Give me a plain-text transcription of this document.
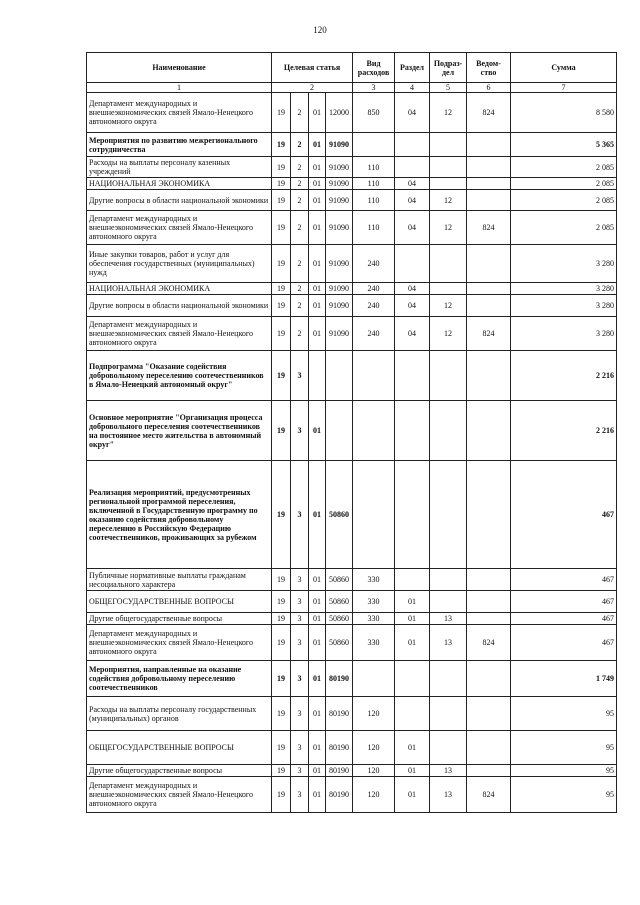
120
Наименование	Целевая статья				Вид расходов	Раздел	Подраз-дел	Ведом-ство	Сумма
1	2				3	4	5	6	7
Департамент международных и внешнеэкономических связей Ямало-Ненецкого автономного округа	19	2	01	12000	850	04	12	824	8 580
Мероприятия по развитию межрегионального сотрудничества	19	2	01	91090					5 365
Расходы на выплаты персоналу казенных учреждений	19	2	01	91090	110				2 085
НАЦИОНАЛЬНАЯ ЭКОНОМИКА	19	2	01	91090	110	04			2 085
Другие вопросы в области национальной экономики	19	2	01	91090	110	04	12		2 085
Департамент международных и внешнеэкономических связей Ямало-Ненецкого автономного округа	19	2	01	91090	110	04	12	824	2 085
Иные закупки товаров, работ и услуг для обеспечения государственных (муниципальных) нужд	19	2	01	91090	240				3 280
НАЦИОНАЛЬНАЯ ЭКОНОМИКА	19	2	01	91090	240	04			3 280
Другие вопросы в области национальной экономики	19	2	01	91090	240	04	12		3 280
Департамент международных и внешнеэкономических связей Ямало-Ненецкого автономного округа	19	2	01	91090	240	04	12	824	3 280
Подпрограмма "Оказание содействия добровольному переселению соотечественников в Ямало-Ненецкий автономный округ"	19	3							2 216
Основное мероприятие "Организация процесса добровольного переселения соотечественников на постоянное место жительства в автономный округ"	19	3	01						2 216
Реализация мероприятий, предусмотренных региональной программой переселения, включенной в Государственную программу по оказанию содействия добровольному переселению в Российскую Федерацию соотечественников, проживающих за рубежом	19	3	01	50860					467
Публичные нормативные выплаты гражданам несоциального характера	19	3	01	50860	330				467
ОБЩЕГОСУДАРСТВЕННЫЕ ВОПРОСЫ	19	3	01	50860	330	01			467
Другие общегосударственные вопросы	19	3	01	50860	330	01	13		467
Департамент международных и внешнеэкономических связей Ямало-Ненецкого автономного округа	19	3	01	50860	330	01	13	824	467
Мероприятия, направленные на оказание содействия добровольному переселению соотечественников	19	3	01	80190					1 749
Расходы на выплаты персоналу государственных (муниципальных) органов	19	3	01	80190	120				95
ОБЩЕГОСУДАРСТВЕННЫЕ ВОПРОСЫ	19	3	01	80190	120	01			95
Другие общегосударственные вопросы	19	3	01	80190	120	01	13		95
Департамент международных и внешнеэкономических связей Ямало-Ненецкого автономного округа	19	3	01	80190	120	01	13	824	95
